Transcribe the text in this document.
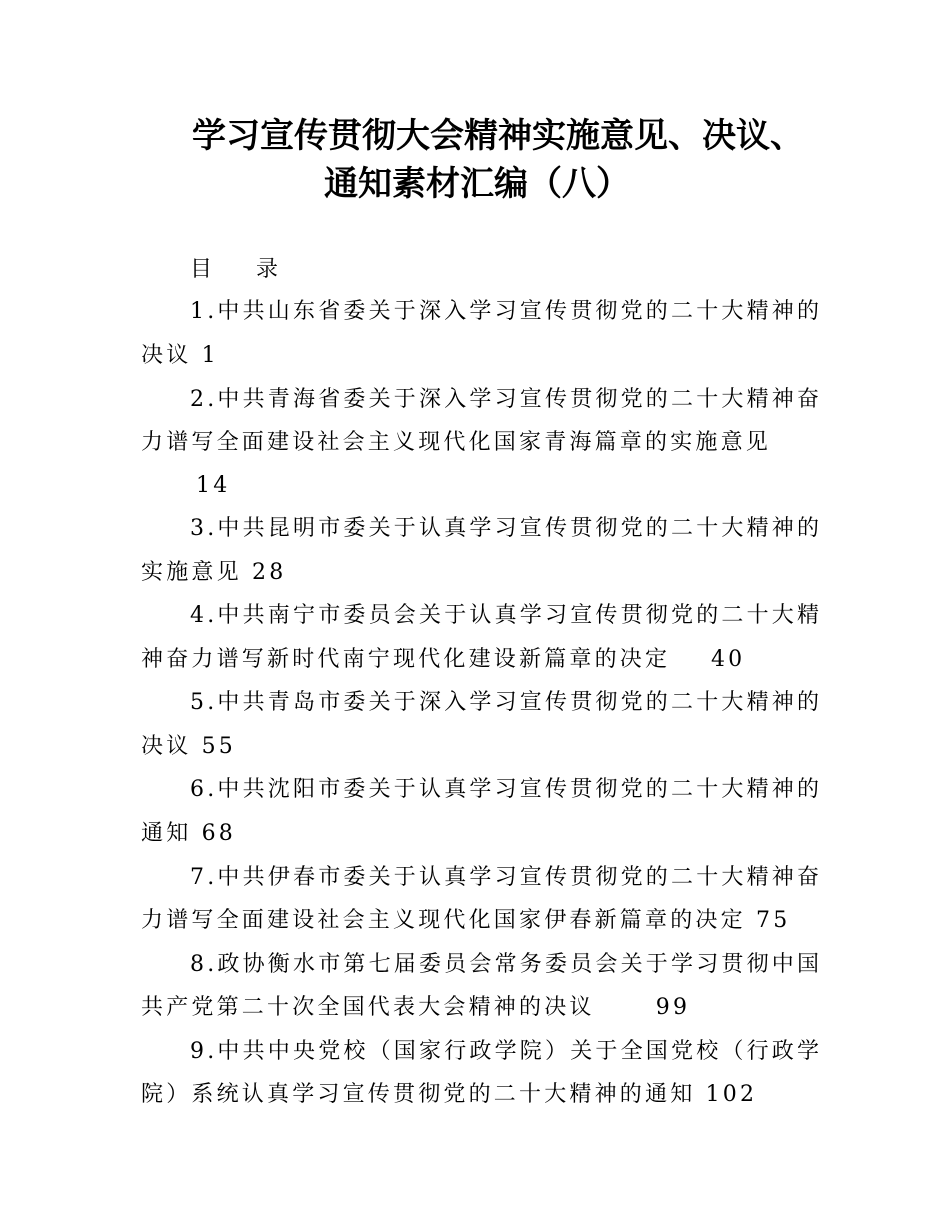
学习宣传贯彻大会精神实施意见、决议、
通知素材汇编（八）
目 录
1.中共山东省委关于深入学习宣传贯彻党的二十大精神的
决议 1
2.中共青海省委关于深入学习宣传贯彻党的二十大精神奋
力谱写全面建设社会主义现代化国家青海篇章的实施意见
14
3.中共昆明市委关于认真学习宣传贯彻党的二十大精神的
实施意见 28
4.中共南宁市委员会关于认真学习宣传贯彻党的二十大精
神奋力谱写新时代南宁现代化建设新篇章的决定    40
5.中共青岛市委关于深入学习宣传贯彻党的二十大精神的
决议 55
6.中共沈阳市委关于认真学习宣传贯彻党的二十大精神的
通知 68
7.中共伊春市委关于认真学习宣传贯彻党的二十大精神奋
力谱写全面建设社会主义现代化国家伊春新篇章的决定 75
8.政协衡水市第七届委员会常务委员会关于学习贯彻中国
共产党第二十次全国代表大会精神的决议      99
9.中共中央党校（国家行政学院）关于全国党校（行政学
院）系统认真学习宣传贯彻党的二十大精神的通知 102
